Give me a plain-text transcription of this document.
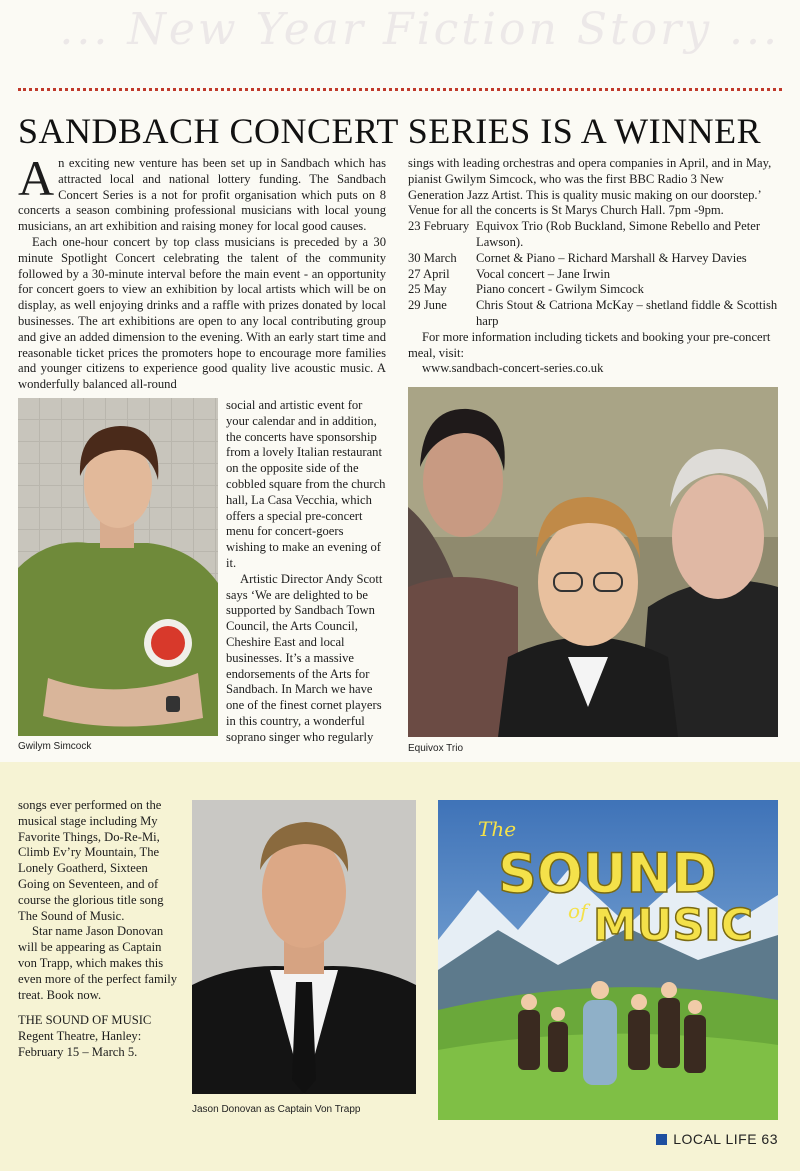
... New Year Fiction Story ...
SANDBACH CONCERT SERIES IS A WINNER

An exciting new venture has been set up in Sandbach which has attracted local and national lottery funding. The Sandbach Concert Series is a not for profit organisation which puts on 8 concerts a season combining professional musicians with local young musicians, an art exhibition and raising money for local good causes.

Each one-hour concert by top class musicians is preceded by a 30 minute Spotlight Concert celebrating the talent of the community followed by a 30-minute interval before the main event - an opportunity for concert goers to view an exhibition by local artists which will be on display, as well enjoying drinks and a raffle with prizes donated by local businesses. The art exhibitions are open to any local contributing group and give an added dimension to the evening. With an early start time and reasonable ticket prices the promoters hope to encourage more families and younger citizens to experience good quality live acoustic music. A wonderfully balanced all-round

social and artistic event for your calendar and in addition, the concerts have sponsorship from a lovely Italian restaurant on the opposite side of the cobbled square from the church hall, La Casa Vecchia, which offers a special pre-concert menu for concert-goers wishing to make an evening of it.

Artistic Director Andy Scott says ‘We are delighted to be supported by Sandbach Town Council, the Arts Council, Cheshire East and local businesses. It’s a massive endorsements of the Arts for Sandbach. In March we have one of the finest cornet players in this country, a wonderful soprano singer who regularly

sings with leading orchestras and opera companies in April, and in May, pianist Gwilym Simcock, who was the first BBC Radio 3 New Generation Jazz Artist. This is quality music making on our doorstep.’

Venue for all the concerts is St Marys Church Hall. 7pm -9pm.

23 February	Equivox Trio (Rob Buckland, Simone Rebello and Peter Lawson).
30 March	Cornet & Piano – Richard Marshall & Harvey Davies
27 April	Vocal concert – Jane Irwin
25 May	Piano concert - Gwilym Simcock
29 June	Chris Stout & Catriona McKay – shetland fiddle & Scottish harp

For more information including tickets and booking your pre-concert meal, visit:

www.sandbach-concert-series.co.uk

Gwilym Simcock	Equivox Trio

songs ever performed on the musical stage including My Favorite Things, Do-Re-Mi, Climb Ev’ry Mountain, The Lonely Goatherd, Sixteen Going on Seventeen, and of course the glorious title song The Sound of Music.

Star name Jason Donovan will be appearing as Captain von Trapp, which makes this even more of the perfect family treat. Book now.

THE SOUND OF MUSIC

Regent Theatre, Hanley:

February 15 – March 5.

Jason Donovan as Captain Von Trapp
The
SOUND
of MUSIC
LOCAL LIFE 63
